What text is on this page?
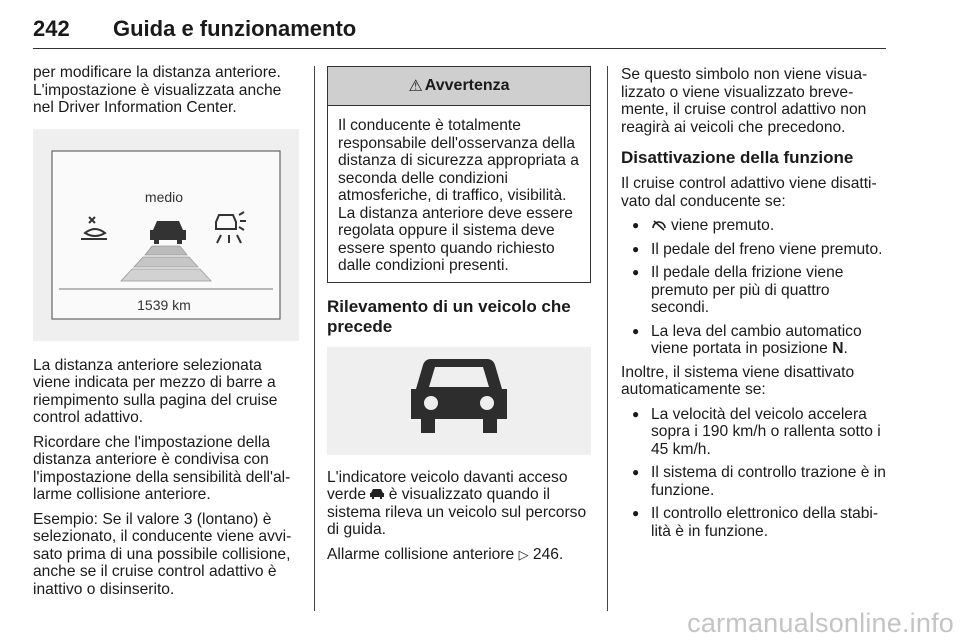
242 Guida e funzionamento

per modificare la distanza anteriore. L'impostazione è visualizzata anche nel Driver Information Center.

medio
1539 km

La distanza anteriore selezionata viene indicata per mezzo di barre a riempimento sulla pagina del cruise control adattivo.

Ricordare che l'impostazione della distanza anteriore è condivisa con l'impostazione della sensibilità dell'allarme collisione anteriore.

Esempio: Se il valore 3 (lontano) è selezionato, il conducente viene avvisato prima di una possibile collisione, anche se il cruise control adattivo è inattivo o disinserito.

⚠ Avvertenza
Il conducente è totalmente responsabile dell'osservanza della distanza di sicurezza appropriata a seconda delle condizioni atmosferiche, di traffico, visibilità. La distanza anteriore deve essere regolata oppure il sistema deve essere spento quando richiesto dalle condizioni presenti.

Rilevamento di un veicolo che precede

L'indicatore veicolo davanti acceso verde è visualizzato quando il sistema rileva un veicolo sul percorso di guida.

Allarme collisione anteriore ▷ 246.

Se questo simbolo non viene visualizzato o viene visualizzato brevemente, il cruise control adattivo non reagirà ai veicoli che precedono.

Disattivazione della funzione

Il cruise control adattivo viene disattivato dal conducente se:

● viene premuto.
● Il pedale del freno viene premuto.
● Il pedale della frizione viene premuto per più di quattro secondi.
● La leva del cambio automatico viene portata in posizione N.

Inoltre, il sistema viene disattivato automaticamente se:

● La velocità del veicolo accelera sopra i 190 km/h o rallenta sotto i 45 km/h.
● Il sistema di controllo trazione è in funzione.
● Il controllo elettronico della stabilità è in funzione.
carmanualsonline.info
